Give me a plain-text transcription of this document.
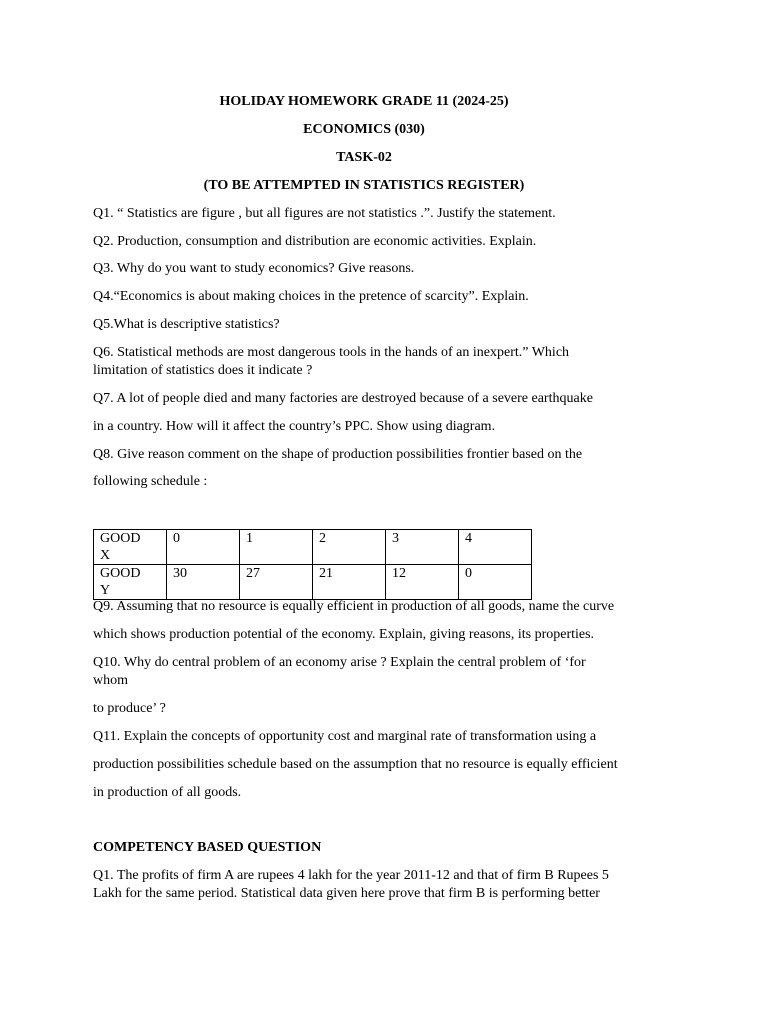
HOLIDAY HOMEWORK GRADE 11 (2024-25)
ECONOMICS (030)
TASK-02
(TO BE ATTEMPTED IN STATISTICS REGISTER)
Q1. “ Statistics are figure , but all figures are not statistics .”. Justify the statement.
Q2. Production, consumption and distribution are economic activities. Explain.
Q3. Why do you want to study economics? Give reasons.
Q4.“Economics is about making choices in the pretence of scarcity”. Explain.
Q5.What is descriptive statistics?
Q6. Statistical methods are most dangerous tools in the hands of an inexpert.” Which
limitation of statistics does it indicate ?
Q7. A lot of people died and many factories are destroyed because of a severe earthquake
in a country. How will it affect the country’s PPC. Show using diagram.
Q8. Give reason comment on the shape of production possibilities frontier based on the
following schedule :
GOOD
X	0	1	2	3	4
GOOD
Y	30	27	21	12	0
Q9. Assuming that no resource is equally efficient in production of all goods, name the curve
which shows production potential of the economy. Explain, giving reasons, its properties.
Q10. Why do central problem of an economy arise ? Explain the central problem of ‘for
whom
to produce’ ?
Q11. Explain the concepts of opportunity cost and marginal rate of transformation using a
production possibilities schedule based on the assumption that no resource is equally efficient
in production of all goods.
COMPETENCY BASED QUESTION
Q1. The profits of firm A are rupees 4 lakh for the year 2011-12 and that of firm B Rupees 5
Lakh for the same period. Statistical data given here prove that firm B is performing better
